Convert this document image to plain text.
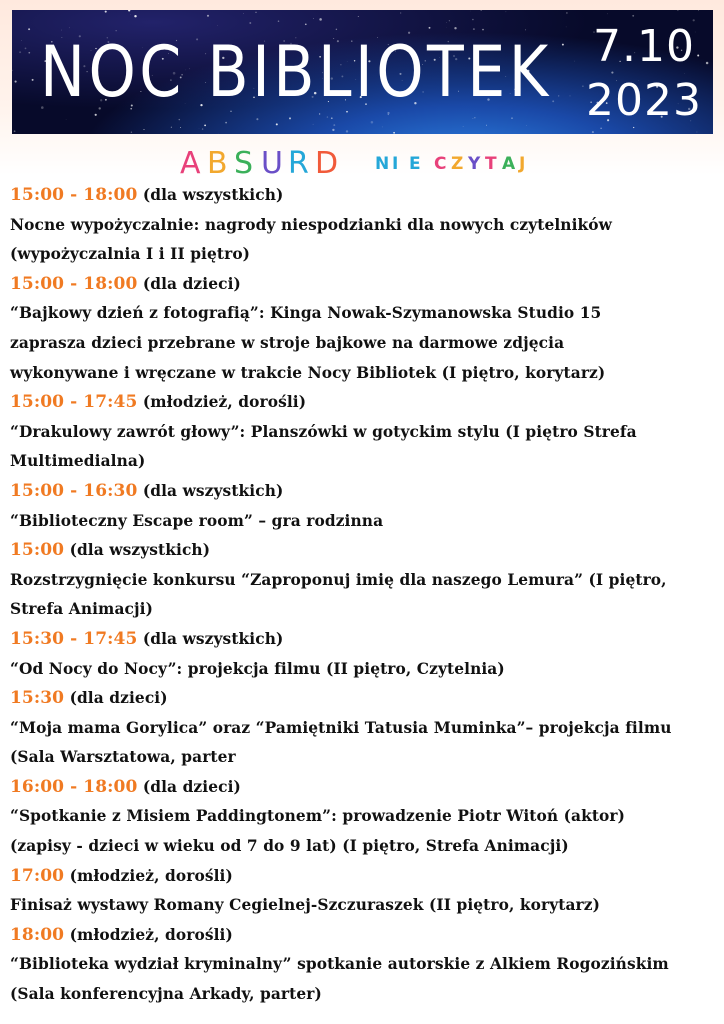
NOC BIBLIOTEK 7.10
2023
A B S U R D N I E C Z Y T A J
15:00 - 18:00 (dla wszystkich)
Nocne wypożyczalnie: nagrody niespodzianki dla nowych czytelników
(wypożyczalnia I i II piętro)
15:00 - 18:00 (dla dzieci)
“Bajkowy dzień z fotografią”: Kinga Nowak-Szymanowska Studio 15
zaprasza dzieci przebrane w stroje bajkowe na darmowe zdjęcia
wykonywane i wręczane w trakcie Nocy Bibliotek (I piętro, korytarz)
15:00 - 17:45 (młodzież, dorośli)
“Drakulowy zawrót głowy”: Planszówki w gotyckim stylu (I piętro Strefa
Multimedialna)
15:00 - 16:30 (dla wszystkich)
“Biblioteczny Escape room” – gra rodzinna
15:00 (dla wszystkich)
Rozstrzygnięcie konkursu “Zaproponuj imię dla naszego Lemura” (I piętro,
Strefa Animacji)
15:30 - 17:45 (dla wszystkich)
“Od Nocy do Nocy”: projekcja filmu (II piętro, Czytelnia)
15:30 (dla dzieci)
“Moja mama Gorylica” oraz “Pamiętniki Tatusia Muminka”– projekcja filmu
(Sala Warsztatowa, parter
16:00 - 18:00 (dla dzieci)
“Spotkanie z Misiem Paddingtonem”: prowadzenie Piotr Witoń (aktor)
(zapisy - dzieci w wieku od 7 do 9 lat) (I piętro, Strefa Animacji)
17:00 (młodzież, dorośli)
Finisaż wystawy Romany Cegielnej-Szczuraszek (II piętro, korytarz)
18:00 (młodzież, dorośli)
“Biblioteka wydział kryminalny” spotkanie autorskie z Alkiem Rogozińskim
(Sala konferencyjna Arkady, parter)
